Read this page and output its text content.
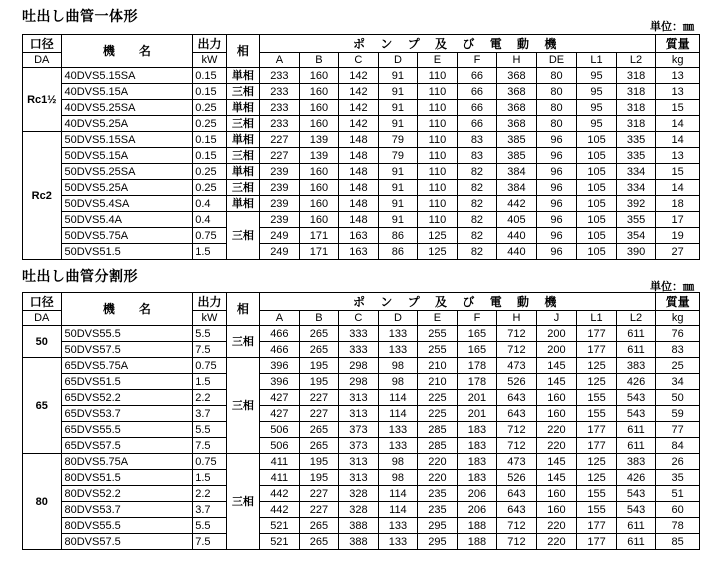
吐出し曲管一体形
単位：㎜
口径	機　　名	出力	相	ポ ン プ 及 び 電 動 機										質量
DA		kW		A	B	C	D	E	F	H	DE	L1	L2	kg
Rc1½	40DVS5.15SA	0.15	単相	233	160	142	91	110	66	368	80	95	318	13
	40DVS5.15A	0.15	三相	233	160	142	91	110	66	368	80	95	318	13
	40DVS5.25SA	0.25	単相	233	160	142	91	110	66	368	80	95	318	15
	40DVS5.25A	0.25	三相	233	160	142	91	110	66	368	80	95	318	14
Rc2	50DVS5.15SA	0.15	単相	227	139	148	79	110	83	385	96	105	335	14
	50DVS5.15A	0.15	三相	227	139	148	79	110	83	385	96	105	335	13
	50DVS5.25SA	0.25	単相	239	160	148	91	110	82	384	96	105	334	15
	50DVS5.25A	0.25	三相	239	160	148	91	110	82	384	96	105	334	14
	50DVS5.4SA	0.4	単相	239	160	148	91	110	82	442	96	105	392	18
	50DVS5.4A	0.4	三相	239	160	148	91	110	82	405	96	105	355	17
	50DVS5.75A	0.75		249	171	163	86	125	82	440	96	105	354	19
	50DVS51.5	1.5		249	171	163	86	125	82	440	96	105	390	27
吐出し曲管分割形
単位：㎜
口径	機　　名	出力	相	ポ ン プ 及 び 電 動 機										質量
DA		kW		A	B	C	D	E	F	H	J	L1	L2	kg
50	50DVS55.5	5.5	三相	466	265	333	133	255	165	712	200	177	611	76
	50DVS57.5	7.5		466	265	333	133	255	165	712	200	177	611	83
65	65DVS5.75A	0.75	三相	396	195	298	98	210	178	473	145	125	383	25
	65DVS51.5	1.5		396	195	298	98	210	178	526	145	125	426	34
	65DVS52.2	2.2		427	227	313	114	225	201	643	160	155	543	50
	65DVS53.7	3.7		427	227	313	114	225	201	643	160	155	543	59
	65DVS55.5	5.5		506	265	373	133	285	183	712	220	177	611	77
	65DVS57.5	7.5		506	265	373	133	285	183	712	220	177	611	84
80	80DVS5.75A	0.75	三相	411	195	313	98	220	183	473	145	125	383	26
	80DVS51.5	1.5		411	195	313	98	220	183	526	145	125	426	35
	80DVS52.2	2.2		442	227	328	114	235	206	643	160	155	543	51
	80DVS53.7	3.7		442	227	328	114	235	206	643	160	155	543	60
	80DVS55.5	5.5		521	265	388	133	295	188	712	220	177	611	78
	80DVS57.5	7.5		521	265	388	133	295	188	712	220	177	611	85
